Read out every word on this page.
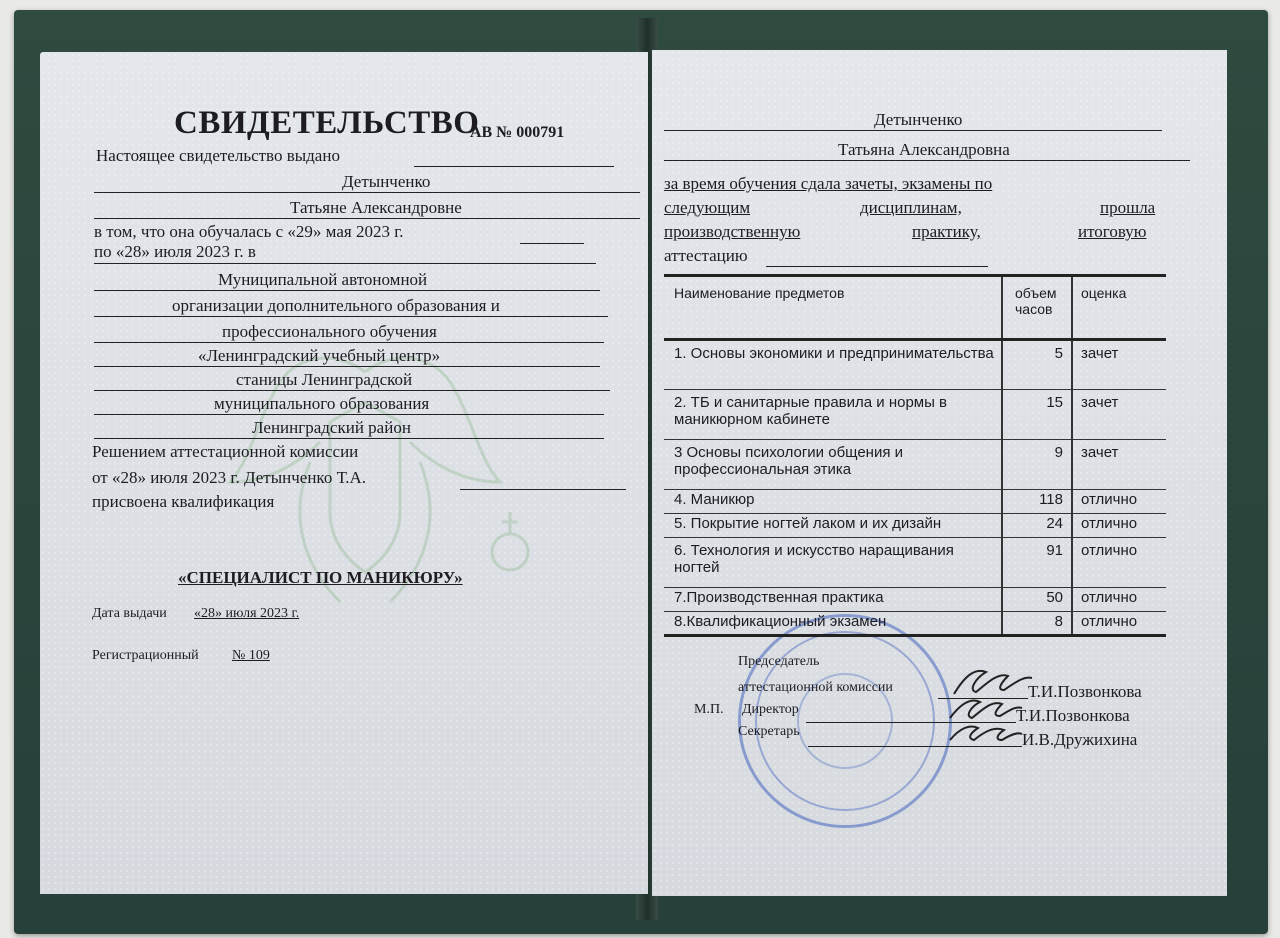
СВИДЕТЕЛЬСТВО
АВ № 000791
Настоящее свидетельство выдано
Детынченко
Татьяне Александровне
в том, что она обучалась с «29» мая 2023 г.
по «28» июля 2023 г. в
Муниципальной автономной
организации дополнительного образования и
профессионального обучения
«Ленинградский учебный центр»
станицы Ленинградской
муниципального образования
Ленинградский район
Решением аттестационной комиссии
от «28» июля 2023 г. Детынченко Т.А.
присвоена квалификация
«СПЕЦИАЛИСТ ПО МАНИКЮРУ»
Дата выдачи «28» июля 2023 г.
Регистрационный № 109
Детынченко
Татьяна Александровна
за время обучения сдала зачеты, экзамены по
следующим	дисциплинам,	прошла
производственную	практику,	итоговую
аттестацию
Наименование предметов	объем часов	оценка
1. Основы экономики и предпринимательства	5	зачет
2. ТБ и санитарные правила и нормы в маникюрном кабинете	15	зачет
3 Основы психологии общения и профессиональная этика	9	зачет
4. Маникюр	118	отлично
5. Покрытие ногтей лаком и их дизайн	24	отлично
6. Технология и искусство наращивания ногтей	91	отлично
7.Производственная практика	50	отлично
8.Квалификационный экзамен	8	отлично
Председатель
аттестационной комиссии	Т.И.Позвонкова
М.П. Директор	Т.И.Позвонкова
Секретарь	И.В.Дружихина
